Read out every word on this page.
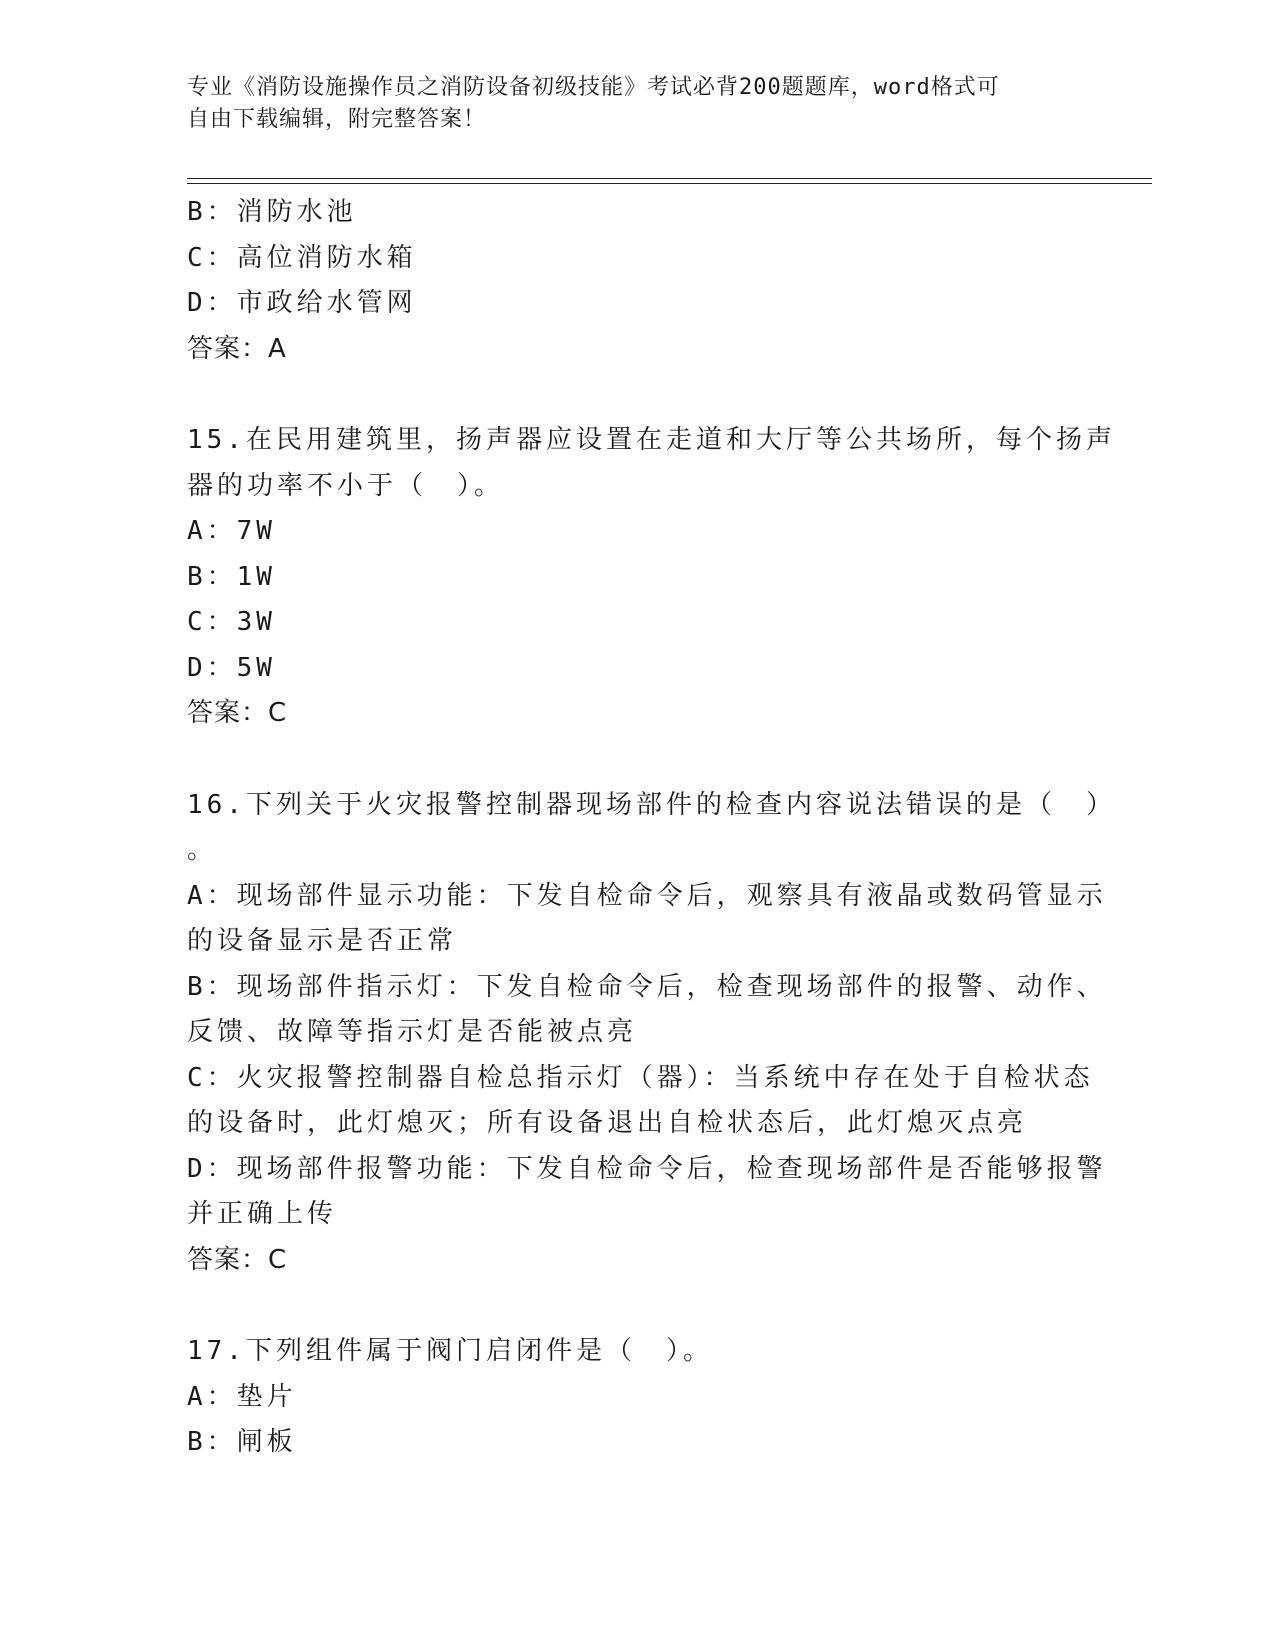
专业《消防设施操作员之消防设备初级技能》考试必背200题题库，word格式可
自由下载编辑，附完整答案！
B：消防水池
C：高位消防水箱
D：市政给水管网
答案：A
15.在民用建筑里，扬声器应设置在走道和大厅等公共场所，每个扬声
器的功率不小于（　）。
A：7W
B：1W
C：3W
D：5W
答案：C
16.下列关于火灾报警控制器现场部件的检查内容说法错误的是（　）
。
A：现场部件显示功能：下发自检命令后，观察具有液晶或数码管显示
的设备显示是否正常
B：现场部件指示灯：下发自检命令后，检查现场部件的报警、动作、
反馈、故障等指示灯是否能被点亮
C：火灾报警控制器自检总指示灯（器）：当系统中存在处于自检状态
的设备时，此灯熄灭；所有设备退出自检状态后，此灯熄灭点亮
D：现场部件报警功能：下发自检命令后，检查现场部件是否能够报警
并正确上传
答案：C
17.下列组件属于阀门启闭件是（　）。
A：垫片
B：闸板
